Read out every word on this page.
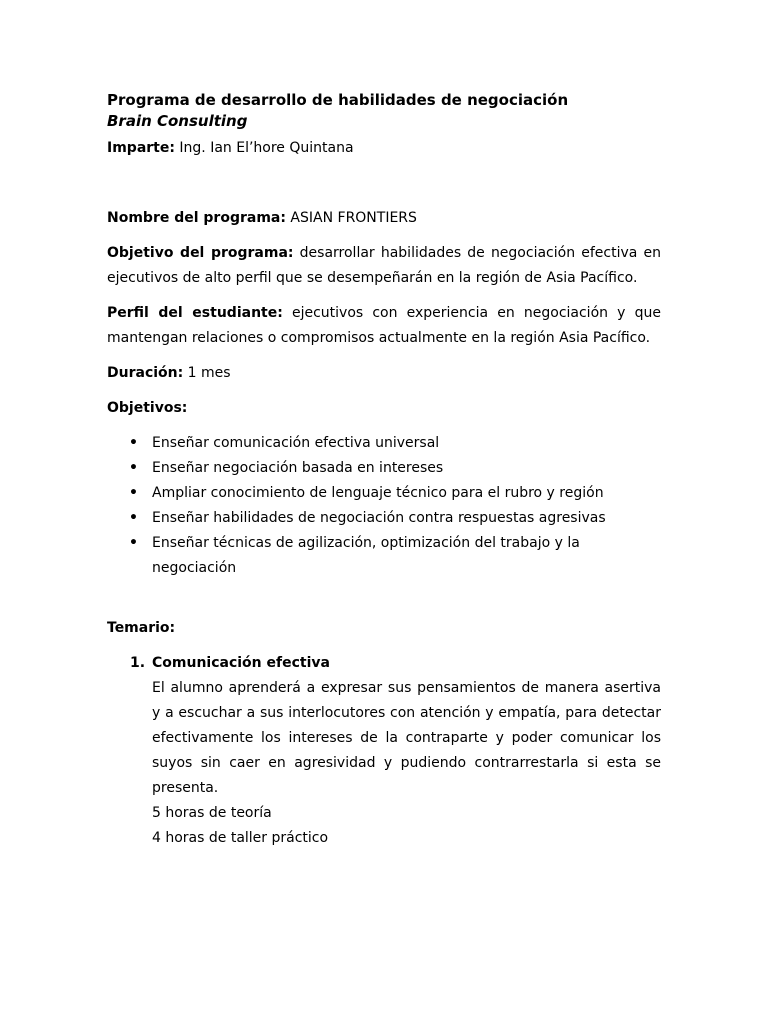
Programa de desarrollo de habilidades de negociación

Brain Consulting

Imparte: Ing. Ian El’hore Quintana

Nombre del programa: ASIAN FRONTIERS

Objetivo del programa: desarrollar habilidades de negociación efectiva en ejecutivos de alto perfil que se desempeñarán en la región de Asia Pacífico.

Perfil del estudiante: ejecutivos con experiencia en negociación y que mantengan relaciones o compromisos actualmente en la región Asia Pacífico.

Duración: 1 mes

Objetivos:

• Enseñar comunicación efectiva universal
• Enseñar negociación basada en intereses
• Ampliar conocimiento de lenguaje técnico para el rubro y región
• Enseñar habilidades de negociación contra respuestas agresivas
• Enseñar técnicas de agilización, optimización del trabajo y la negociación

Temario:

1. Comunicación efectiva

El alumno aprenderá a expresar sus pensamientos de manera asertiva y a escuchar a sus interlocutores con atención y empatía, para detectar efectivamente los intereses de la contraparte y poder comunicar los suyos sin caer en agresividad y pudiendo contrarrestarla si esta se presenta.

5 horas de teoría

4 horas de taller práctico
